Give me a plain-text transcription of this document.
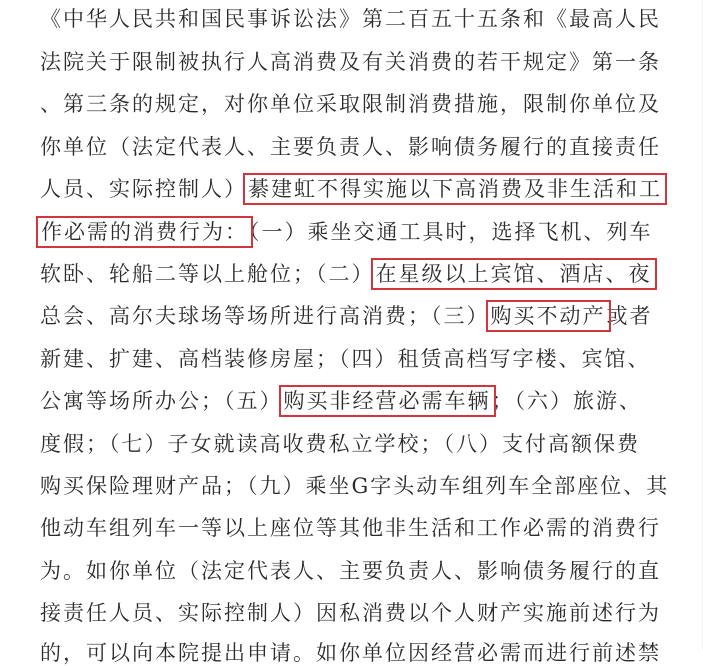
《中华人民共和国民事诉讼法》第二百五十五条和《最高人民
法院关于限制被执行人高消费及有关消费的若干规定》第一条
、第三条的规定，对你单位采取限制消费措施，限制你单位及
你单位（法定代表人、主要负责人、影响债务履行的直接责任
人员、实际控制人）綦建虹不得实施以下高消费及非生活和工
作必需的消费行为：（一）乘坐交通工具时，选择飞机、列车
软卧、轮船二等以上舱位；（二）在星级以上宾馆、酒店、夜
总会、高尔夫球场等场所进行高消费；（三）购买不动产或者
新建、扩建、高档装修房屋；（四）租赁高档写字楼、宾馆、
公寓等场所办公；（五）购买非经营必需车辆；（六）旅游、
度假；（七）子女就读高收费私立学校；（八）支付高额保费
购买保险理财产品；（九）乘坐G字头动车组列车全部座位、其
他动车组列车一等以上座位等其他非生活和工作必需的消费行
为。如你单位（法定代表人、主要负责人、影响债务履行的直
接责任人员、实际控制人）因私消费以个人财产实施前述行为
的，可以向本院提出申请。如你单位因经营必需而进行前述禁
